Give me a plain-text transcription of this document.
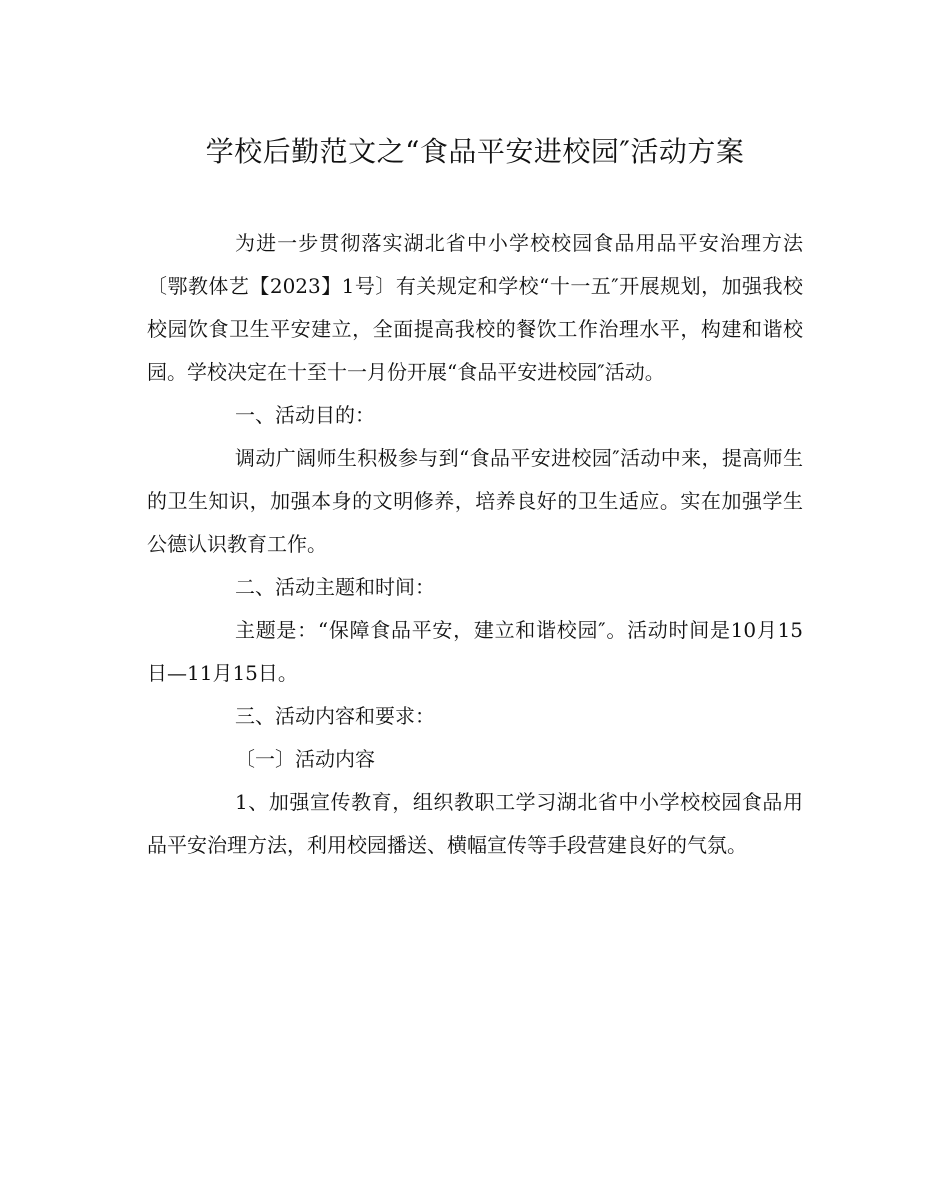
学校后勤范文之“食品平安进校园″活动方案

为进一步贯彻落实湖北省中小学校校园食品用品平安治理方法〔鄂教体艺【2023】1号〕有关规定和学校“十一五″开展规划，加强我校校园饮食卫生平安建立，全面提高我校的餐饮工作治理水平，构建和谐校园。学校决定在十至十一月份开展“食品平安进校园″活动。

一、活动目的：

调动广阔师生积极参与到“食品平安进校园″活动中来，提高师生的卫生知识，加强本身的文明修养，培养良好的卫生适应。实在加强学生公德认识教育工作。

二、活动主题和时间：

主题是：“保障食品平安，建立和谐校园″。活动时间是10月15日—11月15日。

三、活动内容和要求：

〔一〕活动内容

1、加强宣传教育，组织教职工学习湖北省中小学校校园食品用品平安治理方法，利用校园播送、横幅宣传等手段营建良好的气氛。
